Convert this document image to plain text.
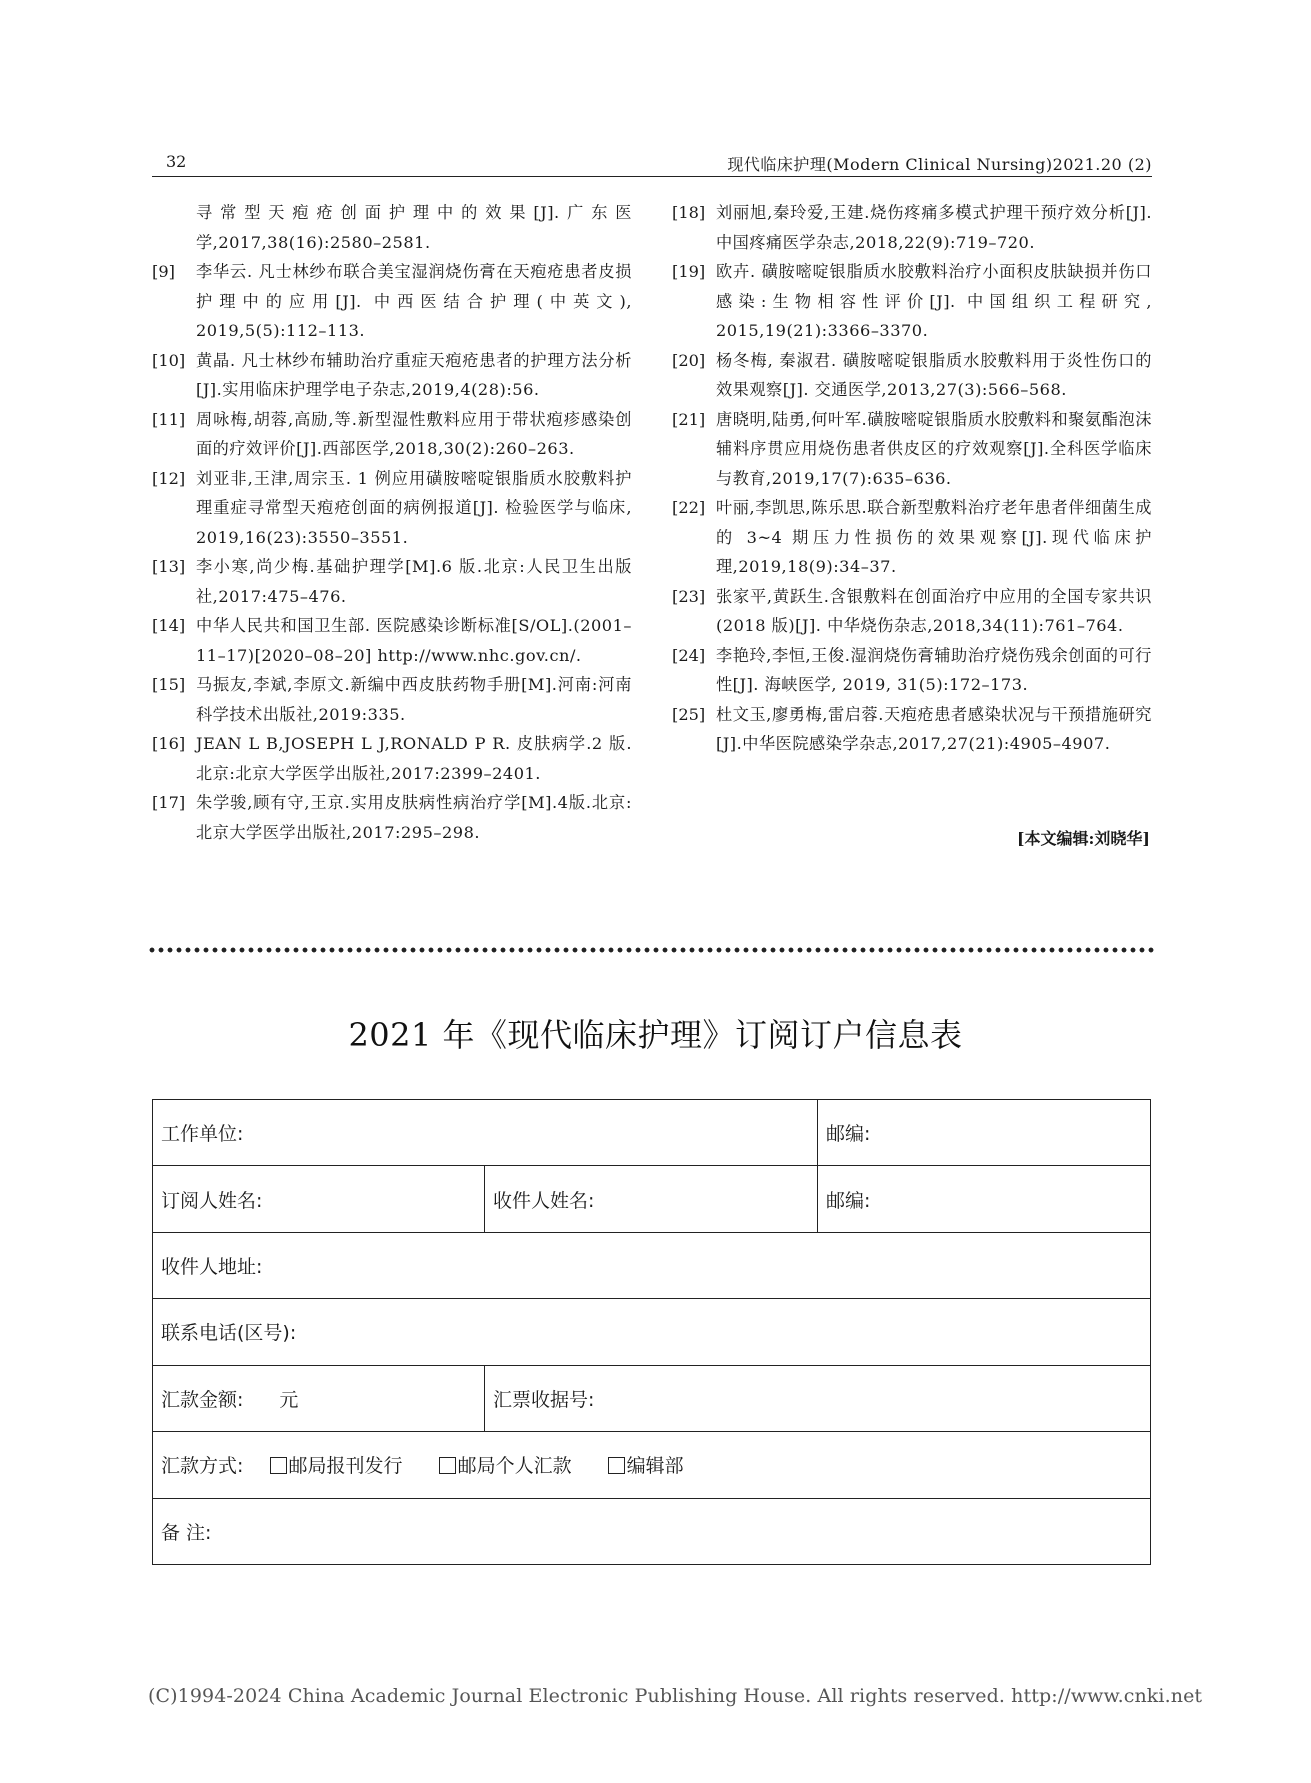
32	现代临床护理(Modern Clinical Nursing)2021.20 (2)
寻常型天疱疮创面护理中的效果[J].广东医学,2017,38(16):2580–2581.
[9]	李华云. 凡士林纱布联合美宝湿润烧伤膏在天疱疮患者皮损护理中的应用[J]. 中西医结合护理(中英文), 2019,5(5):112–113.
[10] 黄晶. 凡士林纱布辅助治疗重症天疱疮患者的护理方法分析[J].实用临床护理学电子杂志,2019,4(28):56.
[11] 周咏梅,胡蓉,高励,等.新型湿性敷料应用于带状疱疹感染创面的疗效评价[J].西部医学,2018,30(2):260–263.
[12] 刘亚非,王津,周宗玉. 1 例应用磺胺嘧啶银脂质水胶敷料护理重症寻常型天疱疮创面的病例报道[J]. 检验医学与临床, 2019,16(23):3550–3551.
[13] 李小寒,尚少梅.基础护理学[M].6 版.北京:人民卫生出版社,2017:475–476.
[14] 中华人民共和国卫生部. 医院感染诊断标准[S/OL].(2001–11–17)[2020–08–20] http://www.nhc.gov.cn/.
[15] 马振友,李斌,李原文.新编中西皮肤药物手册[M].河南:河南科学技术出版社,2019:335.
[16] JEAN L B,JOSEPH L J,RONALD P R. 皮肤病学.2 版.北京:北京大学医学出版社,2017:2399–2401.
[17] 朱学骏,顾有守,王京.实用皮肤病性病治疗学[M].4版.北京:北京大学医学出版社,2017:295–298.
[18] 刘丽旭,秦玲爱,王建.烧伤疼痛多模式护理干预疗效分析[J].中国疼痛医学杂志,2018,22(9):719–720.
[19] 欧卉. 磺胺嘧啶银脂质水胶敷料治疗小面积皮肤缺损并伤口感染:生物相容性评价[J]. 中国组织工程研究, 2015,19(21):3366–3370.
[20] 杨冬梅, 秦淑君. 磺胺嘧啶银脂质水胶敷料用于炎性伤口的效果观察[J]. 交通医学,2013,27(3):566–568.
[21] 唐晓明,陆勇,何叶军.磺胺嘧啶银脂质水胶敷料和聚氨酯泡沫辅料序贯应用烧伤患者供皮区的疗效观察[J].全科医学临床与教育,2019,17(7):635–636.
[22] 叶丽,李凯思,陈乐思.联合新型敷料治疗老年患者伴细菌生成的 3~4 期压力性损伤的效果观察[J].现代临床护理,2019,18(9):34–37.
[23] 张家平,黄跃生.含银敷料在创面治疗中应用的全国专家共识 (2018 版)[J]. 中华烧伤杂志,2018,34(11):761–764.
[24] 李艳玲,李恒,王俊.湿润烧伤膏辅助治疗烧伤残余创面的可行性[J]. 海峡医学, 2019, 31(5):172–173.
[25] 杜文玉,廖勇梅,雷启蓉.天疱疮患者感染状况与干预措施研究[J].中华医院感染学杂志,2017,27(21):4905–4907.
[本文编辑:刘晓华]
2021 年《现代临床护理》订阅订户信息表
工作单位:		邮编:
订阅人姓名:	收件人姓名:	邮编:
收件人地址:		
联系电话(区号):		
汇款金额: 元	汇票收据号:	
汇款方式: 邮局报刊发行 邮局个人汇款 编辑部		
备 注:		
(C)1994-2024 China Academic Journal Electronic Publishing House. All rights reserved. http://www.cnki.net
